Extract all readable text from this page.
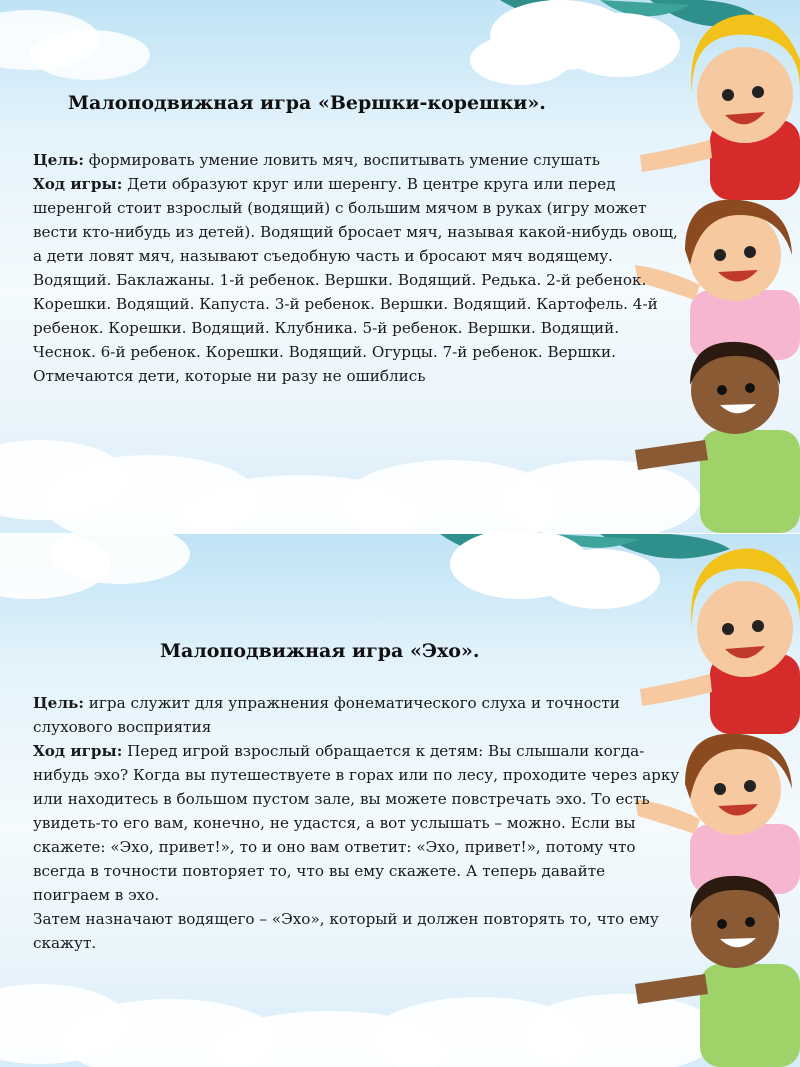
Малоподвижная игра «Вершки-корешки».
Цель: формировать умение ловить мяч, воспитывать умение слушать
Ход игры: Дети образуют круг или шеренгу. В центре круга или перед шеренгой стоит взрослый (водящий) с большим мячом в руках (игру может вести кто-нибудь из детей). Водящий бросает мяч, называя какой-нибудь овощ, а дети ловят мяч, называют съедобную часть и бросают мяч водящему. Водящий. Баклажаны. 1-й ребенок. Вершки. Водящий. Редька. 2-й ребенок. Корешки. Водящий. Капуста. 3-й ребенок. Вершки. Водящий. Картофель. 4-й ребенок. Корешки. Водящий. Клубника. 5-й ребенок. Вершки. Водящий. Чеснок. 6-й ребенок. Корешки. Водящий. Огурцы. 7-й ребенок. Вершки. Отмечаются дети, которые ни разу не ошиблись
Малоподвижная игра «Эхо».
Цель: игра служит для упражнения фонематического слуха и точности слухового восприятия
Ход игры: Перед игрой взрослый обращается к детям: Вы слышали когда-нибудь эхо? Когда вы путешествуете в горах или по лесу, проходите через арку или находитесь в большом пустом зале, вы можете повстречать эхо. То есть увидеть-то его вам, конечно, не удастся, а вот услышать – можно. Если вы скажете: «Эхо, привет!», то и оно вам ответит: «Эхо, привет!», потому что всегда в точности повторяет то, что вы ему скажете. А теперь давайте поиграем в эхо.
Затем назначают водящего – «Эхо», который и должен повторять то, что ему скажут.
